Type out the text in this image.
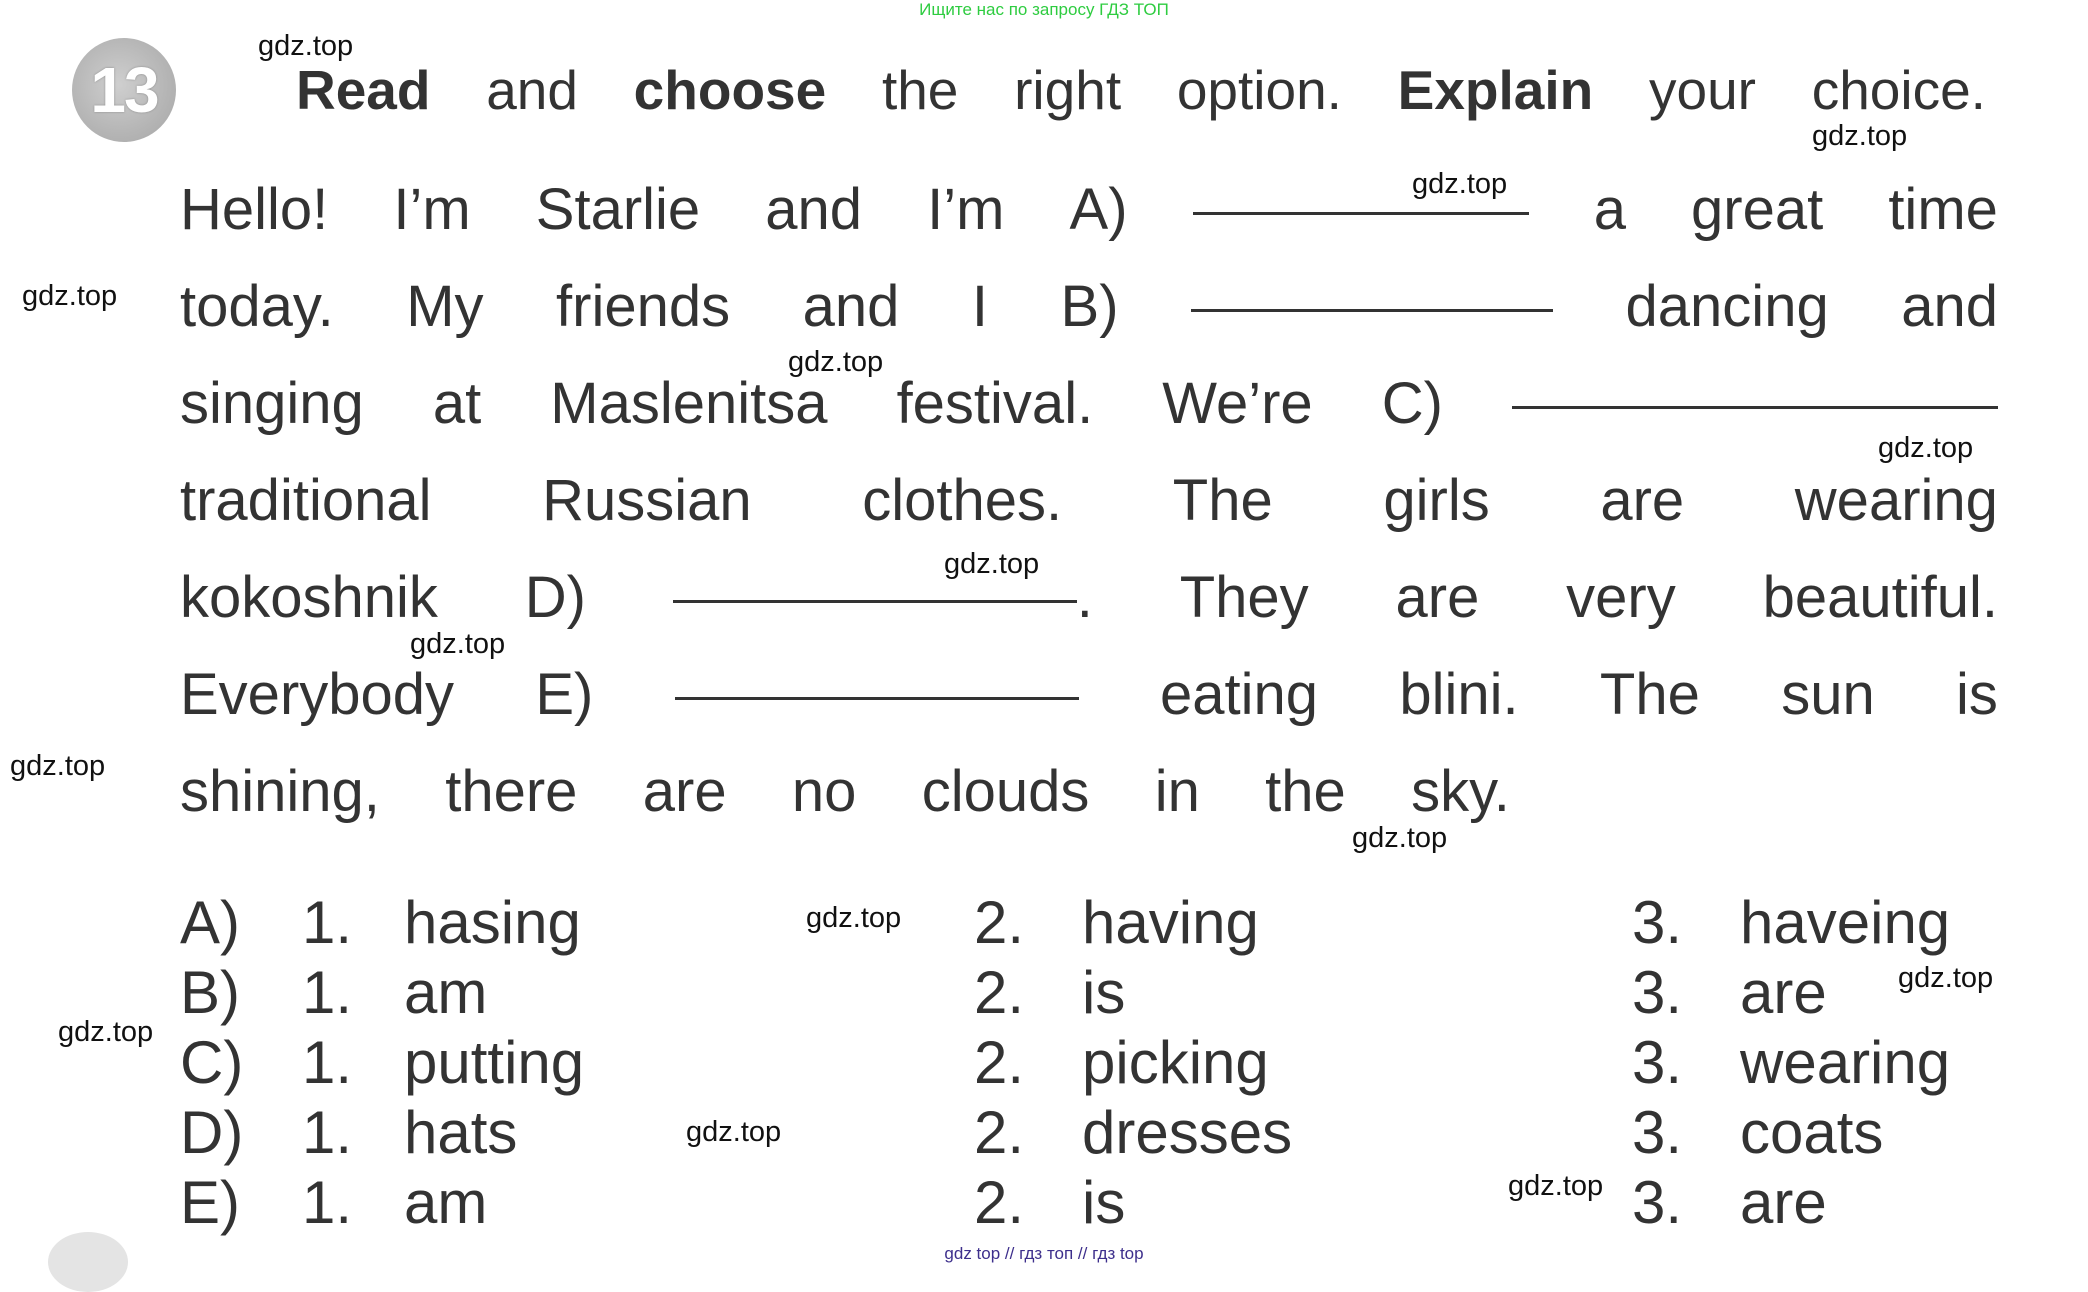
Ищите нас по запросу ГДЗ ТОП
13	Read and choose the right option. Explain your choice.
Hello! I’m Starlie and I’m A)	a great time
today. My friends and I B)	dancing and
singing at Maslenitsa festival. We’re C)
traditional Russian clothes. The girls are wearing
kokoshnik D)	. They are very beautiful.
Everybody E)	eating blini. The sun is
shining, there are no clouds in the sky.
A) 1. hasing	2. having	3. haveing
B) 1. am	2. is	3. are
C) 1. putting	2. picking	3. wearing
D) 1. hats	2. dresses	3. coats
E) 1. am	2. is	3. are
gdz.top
gdz.top
gdz.top
gdz.top
gdz.top
gdz.top
gdz.top
gdz.top
gdz.top
gdz.top
gdz.top
gdz.top
gdz.top
gdz.top
gdz.top
gdz top // гдз топ // гдз top
